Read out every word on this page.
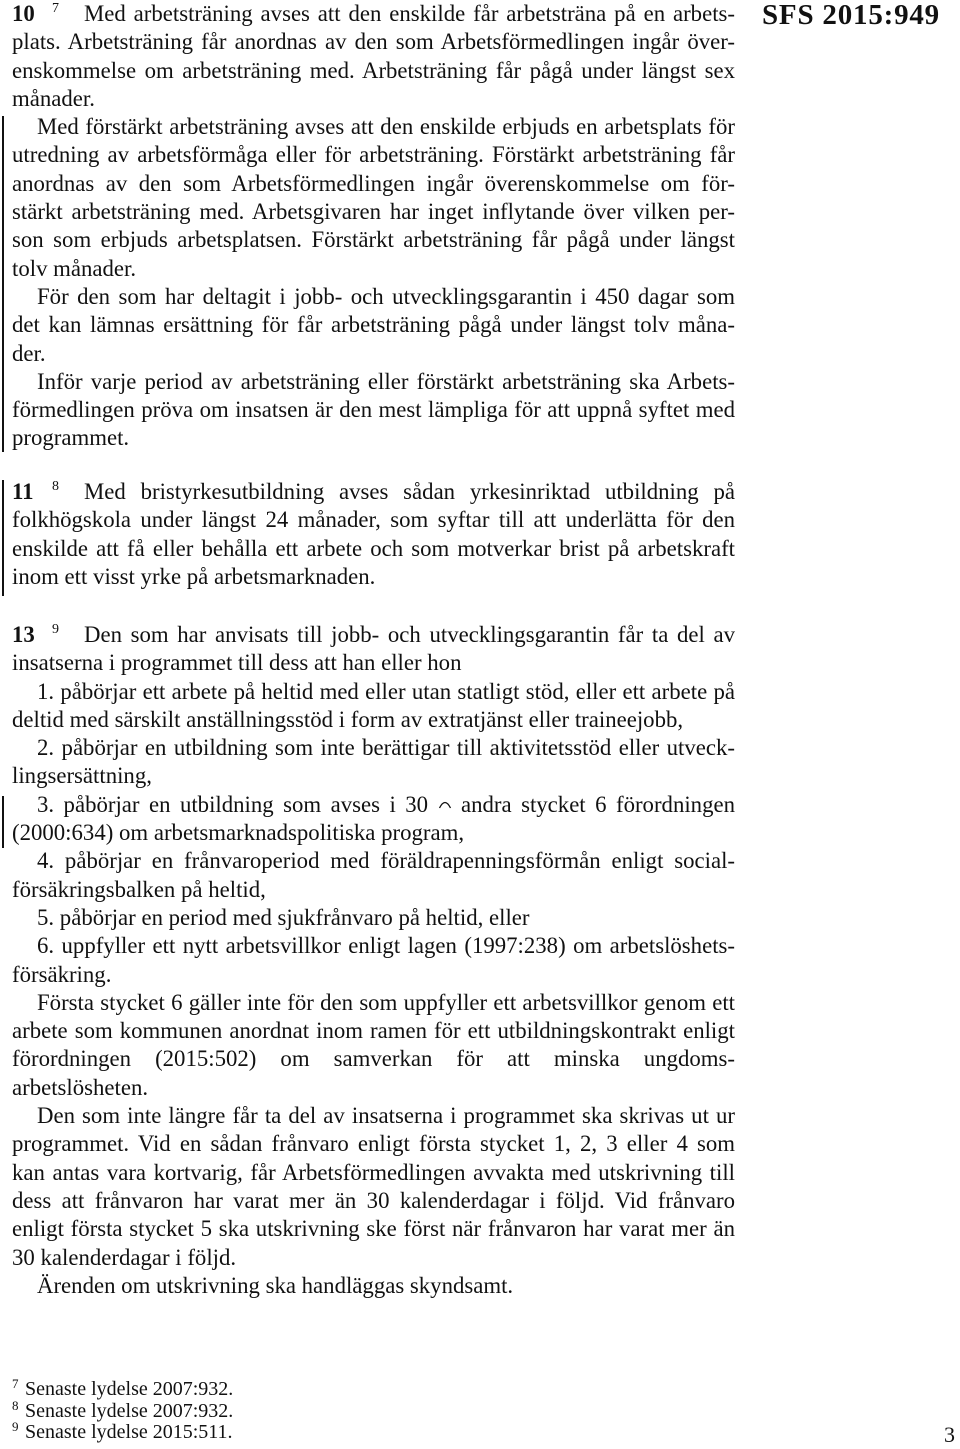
SFS 2015:949
10 7 Med arbetsträning avses att den enskilde får arbetsträna på en arbets-
plats. Arbetsträning får anordnas av den som Arbetsförmedlingen ingår över-
enskommelse om arbetsträning med. Arbetsträning får pågå under längst sex
månader.
Med förstärkt arbetsträning avses att den enskilde erbjuds en arbetsplats för
utredning av arbetsförmåga eller för arbetsträning. Förstärkt arbetsträning får
anordnas av den som Arbetsförmedlingen ingår överenskommelse om för-
stärkt arbetsträning med. Arbetsgivaren har inget inflytande över vilken per-
son som erbjuds arbetsplatsen. Förstärkt arbetsträning får pågå under längst
tolv månader.
För den som har deltagit i jobb- och utvecklingsgarantin i 450 dagar som
det kan lämnas ersättning för får arbetsträning pågå under längst tolv måna-
der.
Inför varje period av arbetsträning eller förstärkt arbetsträning ska Arbets-
förmedlingen pröva om insatsen är den mest lämpliga för att uppnå syftet med
programmet.
11 8 Med bristyrkesutbildning avses sådan yrkesinriktad utbildning på
folkhögskola under längst 24 månader, som syftar till att underlätta för den
enskilde att få eller behålla ett arbete och som motverkar brist på arbetskraft
inom ett visst yrke på arbetsmarknaden.
13 9 Den som har anvisats till jobb- och utvecklingsgarantin får ta del av
insatserna i programmet till dess att han eller hon
1. påbörjar ett arbete på heltid med eller utan statligt stöd, eller ett arbete på
deltid med särskilt anställningsstöd i form av extratjänst eller traineejobb,
2. påbörjar en utbildning som inte berättigar till aktivitetsstöd eller utveck-
lingsersättning,
3. påbörjar en utbildning som avses i 30 andra stycket 6 förordningen
(2000:634) om arbetsmarknadspolitiska program,
4. påbörjar en frånvaroperiod med föräldrapenningsförmån enligt social-
försäkringsbalken på heltid,
5. påbörjar en period med sjukfrånvaro på heltid, eller
6. uppfyller ett nytt arbetsvillkor enligt lagen (1997:238) om arbetslöshets-
försäkring.
Första stycket 6 gäller inte för den som uppfyller ett arbetsvillkor genom ett
arbete som kommunen anordnat inom ramen för ett utbildningskontrakt enligt
förordningen (2015:502) om samverkan för att minska ungdoms-
arbetslösheten.
Den som inte längre får ta del av insatserna i programmet ska skrivas ut ur
programmet. Vid en sådan frånvaro enligt första stycket 1, 2, 3 eller 4 som
kan antas vara kortvarig, får Arbetsförmedlingen avvakta med utskrivning till
dess att frånvaron har varat mer än 30 kalenderdagar i följd. Vid frånvaro
enligt första stycket 5 ska utskrivning ske först när frånvaron har varat mer än
30 kalenderdagar i följd.
Ärenden om utskrivning ska handläggas skyndsamt.
7 Senaste lydelse 2007:932.
8 Senaste lydelse 2007:932.
9 Senaste lydelse 2015:511.	3
